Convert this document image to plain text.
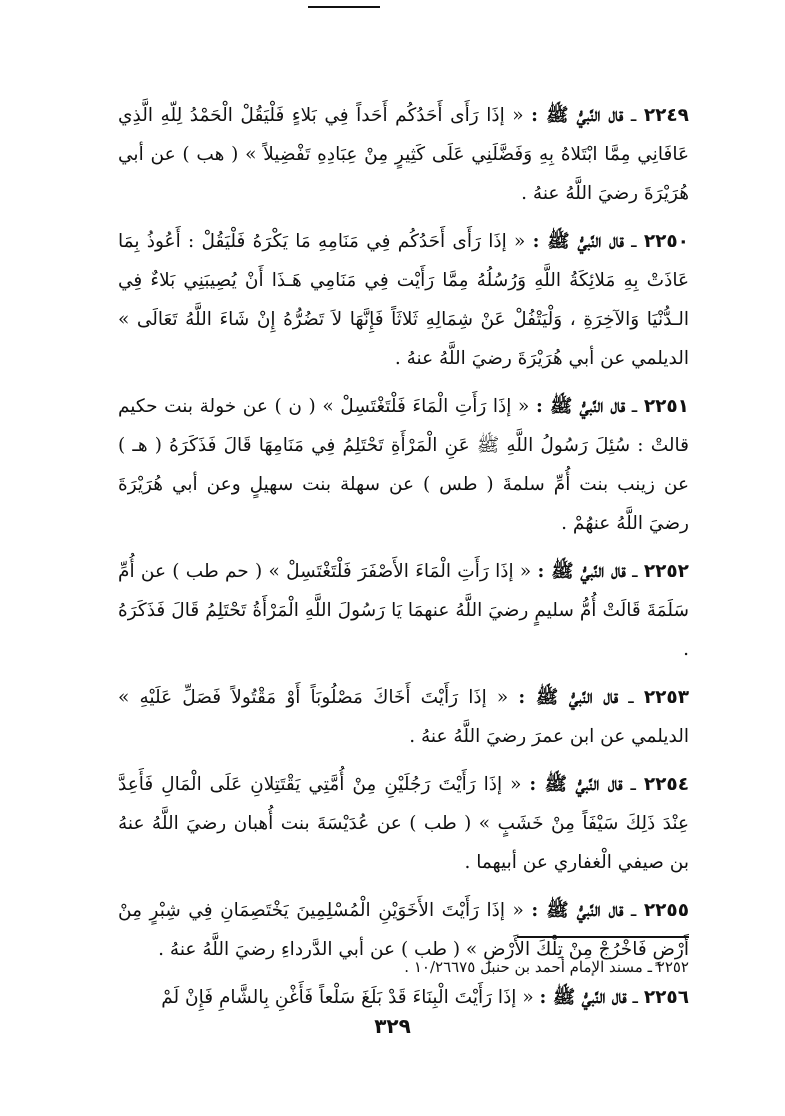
٢٢٤٩ ـ قال النَّبيُّ ﷺ : « إذَا رَأَى أَحَدُكُم أَحَداً فِي بَلاءٍ فَلْيَقُلْ الْحَمْدُ لِلّهِ الَّذِي عَافَانِي مِمَّا ابْتَلاهُ بِهِ وَفَضَّلَنِي عَلَى كَثِيرٍ مِنْ عِبَادِهِ تَفْضِيلاً » ( هب ) عن أبي هُرَيْرَةَ رضيَ اللَّهُ عنهُ .

٢٢٥٠ ـ قال النَّبيُّ ﷺ : « إذَا رَأَى أَحَدُكُم فِي مَنَامِهِ مَا يَكْرَهُ فَلْيَقُلْ : أَعُوذُ بِمَا عَاذَتْ بِهِ مَلائِكَةُ اللَّهِ وَرُسُلُهُ مِمَّا رَأَيْت فِي مَنَامِي هَـذَا أَنْ يُصِيبَنِي بَلاءٌ فِي الـدُّنْيَا وَالآخِرَةِ ، وَلْيَتْفُلْ عَنْ شِمَالِهِ ثَلاثَاً فَإِنَّهَا لاَ تَضُرُّهُ إِنْ شَاءَ اللَّهُ تَعَالَى » الديلمي عن أبي هُرَيْرَةَ رضيَ اللَّهُ عنهُ .

٢٢٥١ ـ قال النَّبيُّ ﷺ : « إذَا رَأَتِ الْمَاءَ فَلْتَغْتَسِلْ » ( ن ) عن خولة بنت حكيم قالتْ : سُئِلَ رَسُولُ اللَّهِ ﷺ عَنِ الْمَرْأَةِ تَحْتَلِمُ فِي مَنَامِهَا قَالَ فَذَكَرَهُ ( هـ ) عن زينب بنت أُمِّ سلمةَ ( طس ) عن سهلة بنت سهيلٍ وعن أبي هُرَيْرَةَ رضيَ اللَّهُ عنهُمْ .

٢٢٥٢ ـ قال النَّبيُّ ﷺ : « إذَا رَأَتِ الْمَاءَ الأَصْفَرَ فَلْتَغْتَسِلْ » ( حم طب ) عن أُمِّ سَلَمَةَ قَالَتْ أُمُّ سليمٍ رضيَ اللَّهُ عنهمَا يَا رَسُولَ اللَّهِ الْمَرْأَةُ تَحْتَلِمُ قَالَ فَذَكَرَهُ .

٢٢٥٣ ـ قال النَّبيُّ ﷺ : « إذَا رَأَيْتَ أَخَاكَ مَصْلُوبَاً أَوْ مَقْتُولاً فَصَلِّ عَلَيْهِ » الديلمي عن ابن عمرَ رضيَ اللَّهُ عنهُ .

٢٢٥٤ ـ قال النَّبيُّ ﷺ : « إذَا رَأَيْتَ رَجُلَيْنِ مِنْ أُمَّتِي يَقْتَتِلانِ عَلَى الْمَالِ فَأَعِدَّ عِنْدَ ذَلِكَ سَيْفَاً مِنْ خَشَبٍ » ( طب ) عن عُدَيْسَةَ بنت أُهبان رضيَ اللَّهُ عنهُ بن صيفي الْغفاري عن أبيهما .

٢٢٥٥ ـ قال النَّبيُّ ﷺ : « إذَا رَأَيْتَ الأَخَوَيْنِ الْمُسْلِمِينَ يَخْتَصِمَانِ فِي شِبْرٍ مِنْ أَرْضٍ فَاخْرُجْ مِنْ تِلْكَ الأَرْضِ » ( طب ) عن أبي الدَّرداءِ رضيَ اللَّهُ عنهُ .

٢٢٥٦ ـ قال النَّبيُّ ﷺ : « إذَا رَأَيْتَ الْبِنَاءَ قَدْ بَلَغَ سَلْعاً فَأَغْنِ بِالشَّامِ فَإِنْ لَمْ

٢٢٥٢ ـ مسند الإمام أحمد بن حنبل ١٠/٢٦٦٧٥ .
٣٢٩
